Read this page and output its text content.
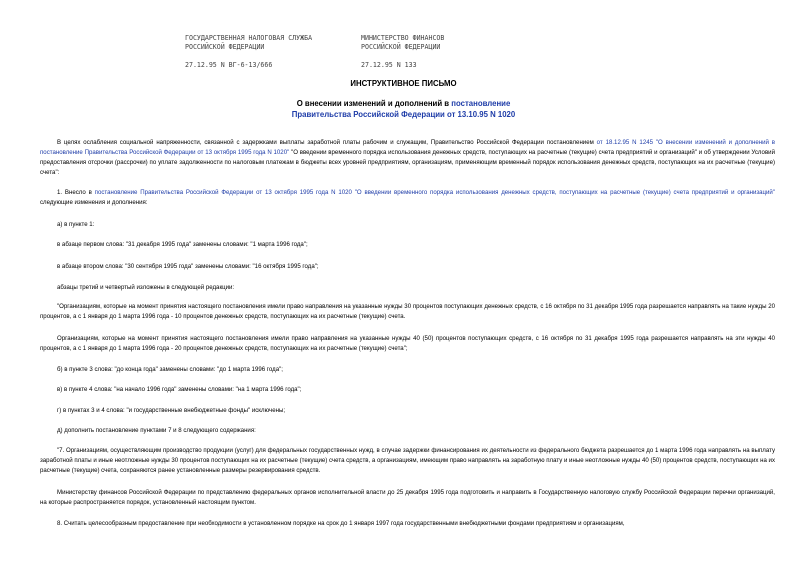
ГОСУДАРСТВЕННАЯ НАЛОГОВАЯ СЛУЖБА
РОССИЙСКОЙ ФЕДЕРАЦИИ
27.12.95 N ВГ-6-13/666
МИНИСТЕРСТВО ФИНАНСОВ
РОССИЙСКОЙ ФЕДЕРАЦИИ
27.12.95 N 133
ИНСТРУКТИВНОЕ ПИСЬМО
О внесении изменений и дополнений в постановление
Правительства Российской Федерации от 13.10.95 N 1020
В целях ослабления социальной напряженности, связанной с задержками выплаты заработной платы рабочим и служащим, Правительство Российской Федерации постановлением от 18.12.95 N 1245 "О внесении изменений и дополнений в постановление Правительства Российской Федерации от 13 октября 1995 года N 1020" "О введении временного порядка использования денежных средств, поступающих на расчетные (текущие) счета предприятий и организаций" и об утверждении Условий предоставления отсрочки (рассрочки) по уплате задолженности по налоговым платежам в бюджеты всех уровней предприятиям, организациям, применяющим временный порядок использования денежных средств, поступающих на их расчетные (текущие) счета":
1. Внесло в постановление Правительства Российской Федерации от 13 октября 1995 года N 1020 "О введении временного порядка использования денежных средств, поступающих на расчетные (текущие) счета предприятий и организаций" следующие изменения и дополнения:
а) в пункте 1:
в абзаце первом слова: "31 декабря 1995 года" заменены словами: "1 марта 1996 года";
в абзаце втором слова: "30 сентября 1995 года" заменены словами: "16 октября 1995 года";
абзацы третий и четвертый изложены в следующей редакции:
"Организациям, которые на момент принятия настоящего постановления имели право направления на указанные нужды 30 процентов поступающих денежных средств, с 16 октября по 31 декабря 1995 года разрешается направлять на такие нужды 20 процентов, а с 1 января до 1 марта 1996 года - 10 процентов денежных средств, поступающих на их расчетные (текущие) счета.
Организациям, которые на момент принятия настоящего постановления имели право направления на указанные нужды 40 (50) процентов поступающих средств, с 16 октября по 31 декабря 1995 года разрешается направлять на эти нужды 40 процентов, а с 1 января до 1 марта 1996 года - 20 процентов денежных средств, поступающих на их расчетные (текущие) счета";
б) в пункте 3 слова: "до конца года" заменены словами: "до 1 марта 1996 года";
в) в пункте 4 слова: "на начало 1996 года" заменены словами: "на 1 марта 1996 года";
г) в пунктах 3 и 4 слова: "и государственные внебюджетные фонды" исключены;
д) дополнить постановление пунктами 7 и 8 следующего содержания:
"7. Организациям, осуществляющим производство продукции (услуг) для федеральных государственных нужд, в случае задержки финансирования их деятельности из федерального бюджета разрешается до 1 марта 1996 года направлять на выплату заработной платы и иные неотложные нужды 30 процентов поступающих на их расчетные (текущие) счета средств, а организациям, имеющим право направлять на заработную плату и иные неотложные нужды 40 (50) процентов средств, поступающих на их расчетные (текущие) счета, сохраняются ранее установленные размеры резервирования средств.
Министерству финансов Российской Федерации по представлению федеральных органов исполнительной власти до 25 декабря 1995 года подготовить и направить в Государственную налоговую службу Российской Федерации перечни организаций, на которые распространяется порядок, установленный настоящим пунктом.
8. Считать целесообразным предоставление при необходимости в установленном порядке на срок до 1 января 1997 года государственными внебюджетными фондами предприятиям и организациям,
